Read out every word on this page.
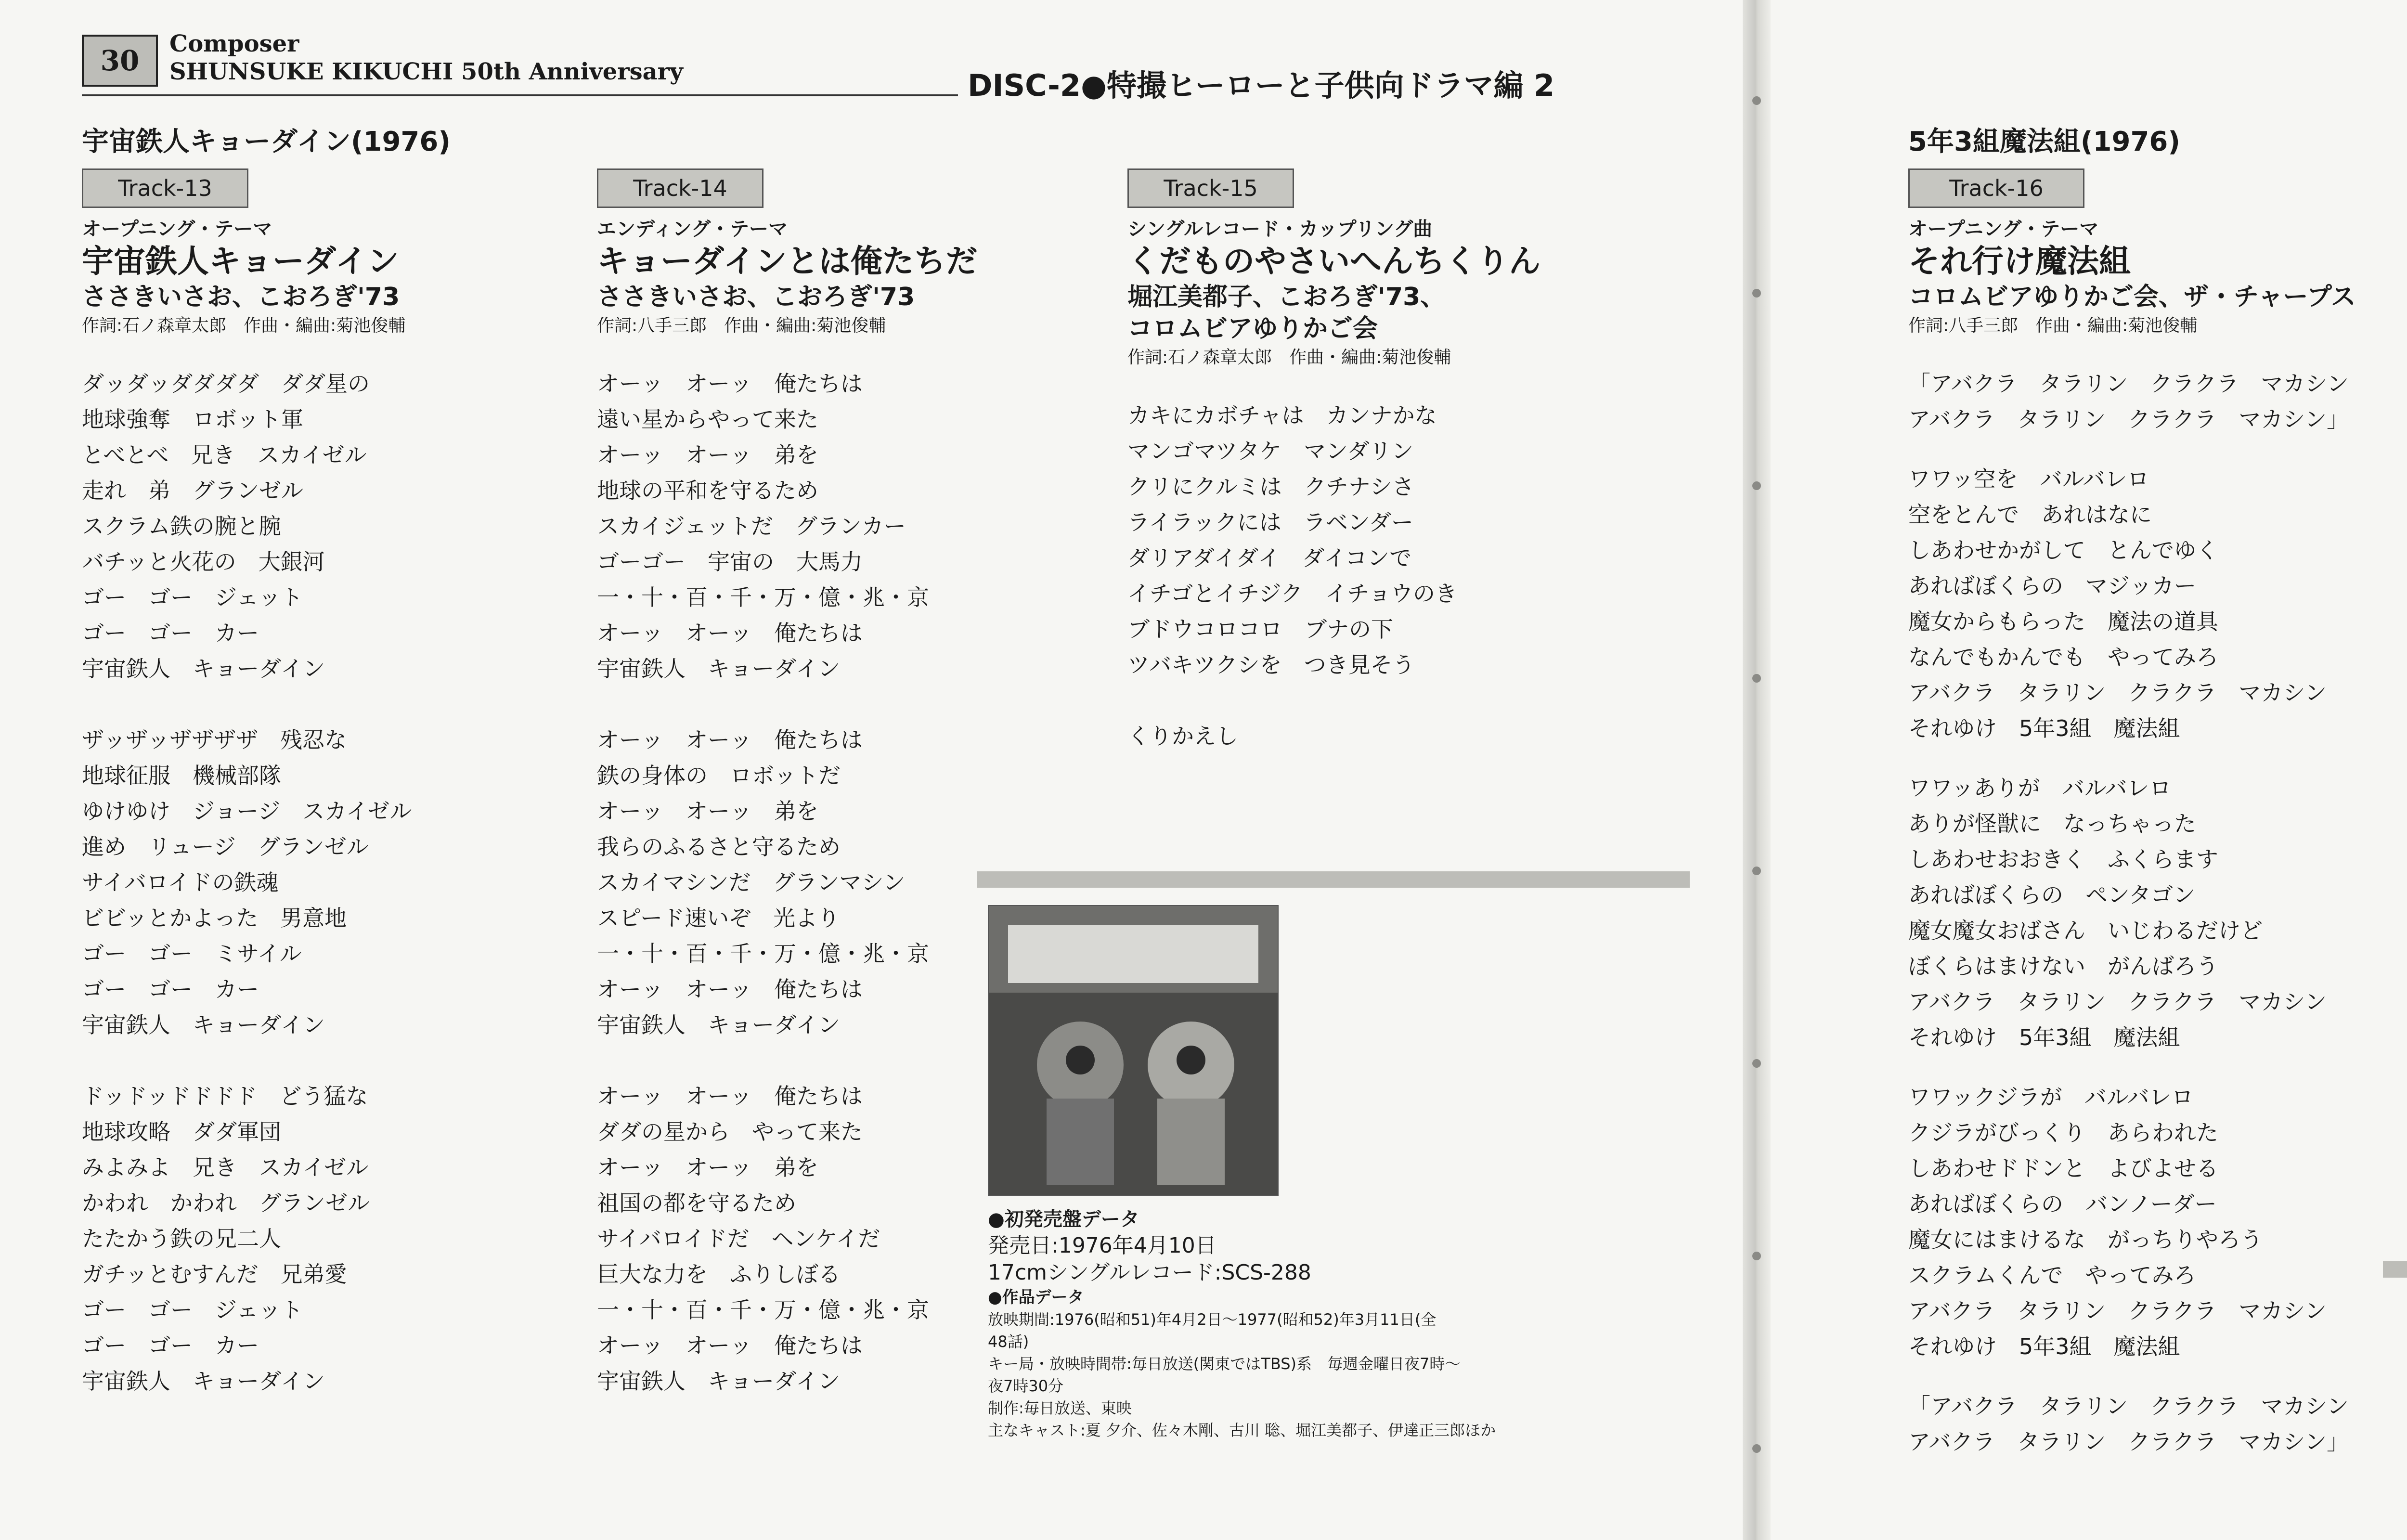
30
Composer
SHUNSUKE KIKUCHI 50th Anniversary	DISC-2●特撮ヒーローと子供向ドラマ編 2
宇宙鉄人キョーダイン(1976)	5年3組魔法組(1976)
Track-13	Track-14	Track-15	Track-16
オープニング・テーマ
宇宙鉄人キョーダイン
ささきいさお、こおろぎ'73
作詞:石ノ森章太郎　作曲・編曲:菊池俊輔
ダッダッダダダダ　ダダ星の
地球強奪　ロボット軍
とべとべ　兄き　スカイゼル
走れ　弟　グランゼル
スクラム鉄の腕と腕
バチッと火花の　大銀河
ゴー　ゴー　ジェット
ゴー　ゴー　カー
宇宙鉄人　キョーダイン
ザッザッザザザザ　残忍な
地球征服　機械部隊
ゆけゆけ　ジョージ　スカイゼル
進め　リュージ　グランゼル
サイバロイドの鉄魂
ビビッとかよった　男意地
ゴー　ゴー　ミサイル
ゴー　ゴー　カー
宇宙鉄人　キョーダイン
ドッドッドドドド　どう猛な
地球攻略　ダダ軍団
みよみよ　兄き　スカイゼル
かわれ　かわれ　グランゼル
たたかう鉄の兄二人
ガチッとむすんだ　兄弟愛
ゴー　ゴー　ジェット
ゴー　ゴー　カー
宇宙鉄人　キョーダイン
エンディング・テーマ
キョーダインとは俺たちだ
ささきいさお、こおろぎ'73
作詞:八手三郎　作曲・編曲:菊池俊輔
オーッ　オーッ　俺たちは
遠い星からやって来た
オーッ　オーッ　弟を
地球の平和を守るため
スカイジェットだ　グランカー
ゴーゴー　宇宙の　大馬力
一・十・百・千・万・億・兆・京
オーッ　オーッ　俺たちは
宇宙鉄人　キョーダイン
オーッ　オーッ　俺たちは
鉄の身体の　ロボットだ
オーッ　オーッ　弟を
我らのふるさと守るため
スカイマシンだ　グランマシン
スピード速いぞ　光より
一・十・百・千・万・億・兆・京
オーッ　オーッ　俺たちは
宇宙鉄人　キョーダイン
オーッ　オーッ　俺たちは
ダダの星から　やって来た
オーッ　オーッ　弟を
祖国の都を守るため
サイバロイドだ　ヘンケイだ
巨大な力を　ふりしぼる
一・十・百・千・万・億・兆・京
オーッ　オーッ　俺たちは
宇宙鉄人　キョーダイン
シングルレコード・カップリング曲
くだものやさいへんちくりん
堀江美都子、こおろぎ'73、
コロムビアゆりかご会
作詞:石ノ森章太郎　作曲・編曲:菊池俊輔
カキにカボチャは　カンナかな
マンゴマツタケ　マンダリン
クリにクルミは　クチナシさ
ライラックには　ラベンダー
ダリアダイダイ　ダイコンで
イチゴとイチジク　イチョウのき
ブドウコロコロ　ブナの下
ツバキツクシを　つき見そう
くりかえし
●初発売盤データ
発売日:1976年4月10日
17cmシングルレコード:SCS-288
●作品データ
放映期間:1976(昭和51)年4月2日〜1977(昭和52)年3月11日(全
48話)
キー局・放映時間帯:毎日放送(関東ではTBS)系　毎週金曜日夜7時〜
夜7時30分
制作:毎日放送、東映
主なキャスト:夏 夕介、佐々木剛、古川 聡、堀江美都子、伊達正三郎ほか
オープニング・テーマ
それ行け魔法組
コロムビアゆりかご会、ザ・チャープス
作詞:八手三郎　作曲・編曲:菊池俊輔
「アバクラ　タラリン　クラクラ　マカシン
アバクラ　タラリン　クラクラ　マカシン」
ワワッ空を　バルバレロ
空をとんで　あれはなに
しあわせかがして　とんでゆく
あればぼくらの　マジッカー
魔女からもらった　魔法の道具
なんでもかんでも　やってみろ
アバクラ　タラリン　クラクラ　マカシン
それゆけ　5年3組　魔法組
ワワッありが　バルバレロ
ありが怪獣に　なっちゃった
しあわせおおきく　ふくらます
あればぼくらの　ペンタゴン
魔女魔女おばさん　いじわるだけど
ぼくらはまけない　がんばろう
アバクラ　タラリン　クラクラ　マカシン
それゆけ　5年3組　魔法組
ワワックジラが　バルバレロ
クジラがびっくり　あらわれた
しあわせドドンと　よびよせる
あればぼくらの　バンノーダー
魔女にはまけるな　がっちりやろう
スクラムくんで　やってみろ
アバクラ　タラリン　クラクラ　マカシン
それゆけ　5年3組　魔法組
「アバクラ　タラリン　クラクラ　マカシン
アバクラ　タラリン　クラクラ　マカシン」
